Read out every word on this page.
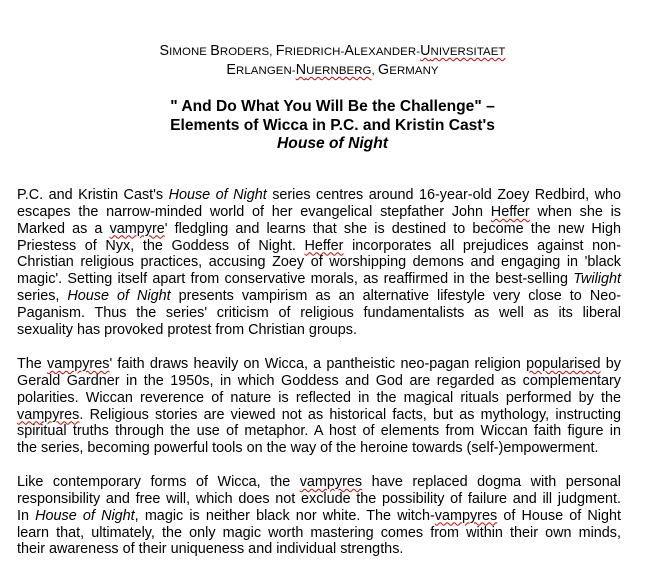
SIMONE BRODERS, FRIEDRICH-ALEXANDER-UNIVERSITAET
ERLANGEN-NUERNBERG, GERMANY
" And Do What You Will Be the Challenge" –
Elements of Wicca in P.C. and Kristin Cast's
House of Night
P.C. and Kristin Cast's House of Night series centres around 16-year-old Zoey Redbird, who
escapes the narrow-minded world of her evangelical stepfather John Heffer when she is
Marked as a vampyre' fledgling and learns that she is destined to become the new High
Priestess of Nyx, the Goddess of Night. Heffer incorporates all prejudices against non-
Christian religious practices, accusing Zoey of worshipping demons and engaging in 'black
magic'. Setting itself apart from conservative morals, as reaffirmed in the best-selling Twilight
series, House of Night presents vampirism as an alternative lifestyle very close to Neo-
Paganism. Thus the series' criticism of religious fundamentalists as well as its liberal
sexuality has provoked protest from Christian groups.
The vampyres' faith draws heavily on Wicca, a pantheistic neo-pagan religion popularised by
Gerald Gardner in the 1950s, in which Goddess and God are regarded as complementary
polarities. Wiccan reverence of nature is reflected in the magical rituals performed by the
vampyres. Religious stories are viewed not as historical facts, but as mythology, instructing
spiritual truths through the use of metaphor. A host of elements from Wiccan faith figure in
the series, becoming powerful tools on the way of the heroine towards (self-)empowerment.
Like contemporary forms of Wicca, the vampyres have replaced dogma with personal
responsibility and free will, which does not exclude the possibility of failure and ill judgment.
In House of Night, magic is neither black nor white. The witch-vampyres of House of Night
learn that, ultimately, the only magic worth mastering comes from within their own minds,
their awareness of their uniqueness and individual strengths.
